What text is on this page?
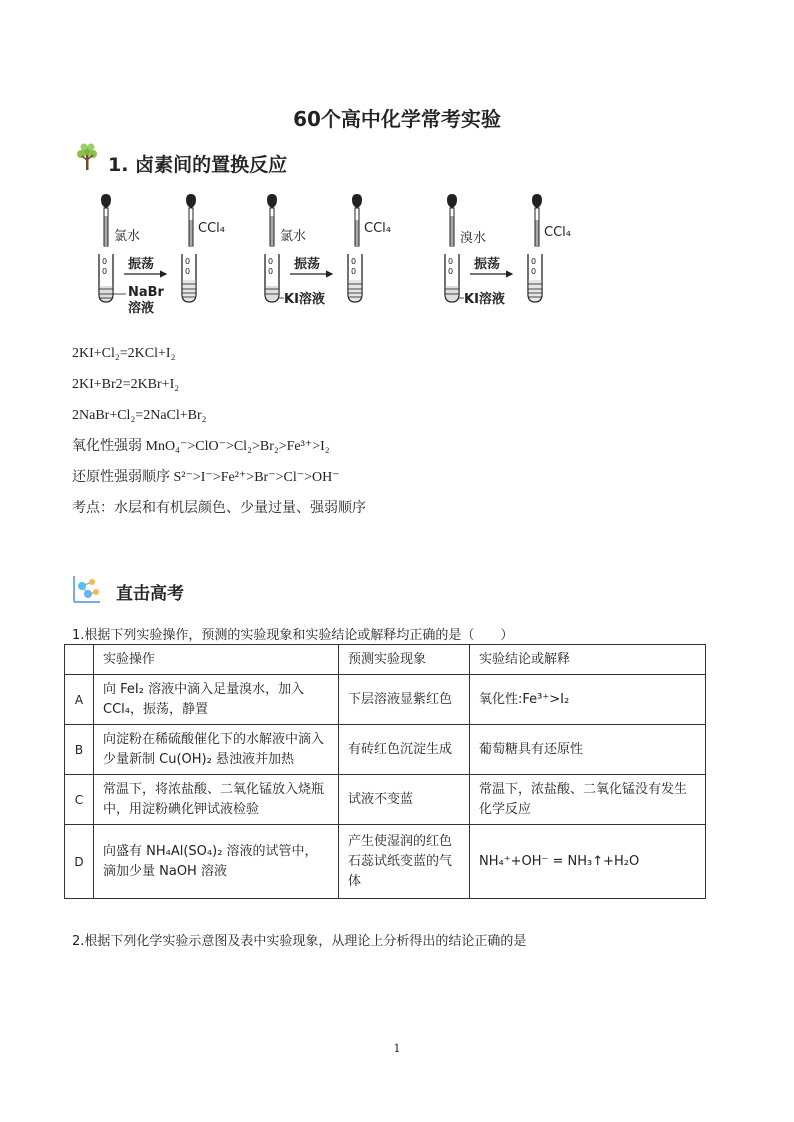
60个高中化学常考实验
1. 卤素间的置换反应
氯水
0
0 振荡
NaBr
溶液
CCl₄
0
0
氯水
0
0 振荡
KI溶液
CCl₄
0
0
溴水
0
0 振荡
KI溶液
CCl₄
0
0
2KI+Cl₂=2KCl+I₂
2KI+Br2=2KBr+I₂
2NaBr+Cl₂=2NaCl+Br₂
氧化性强弱 MnO₄⁻>ClO⁻>Cl₂>Br₂>Fe³⁺>I₂
还原性强弱顺序 S²⁻>I⁻>Fe²⁺>Br⁻>Cl⁻>OH⁻
考点：水层和有机层颜色、少量过量、强弱顺序
直击高考
1.根据下列实验操作，预测的实验现象和实验结论或解释均正确的是（　　）
	实验操作	预测实验现象	实验结论或解释
A	向 FeI₂ 溶液中滴入足量溴水，加入CCl₄，振荡，静置	下层溶液显紫红色	氧化性:Fe³⁺>I₂
B	向淀粉在稀硫酸催化下的水解液中滴入少量新制 Cu(OH)₂ 悬浊液并加热	有砖红色沉淀生成	葡萄糖具有还原性
C	常温下，将浓盐酸、二氧化锰放入烧瓶中，用淀粉碘化钾试液检验	试液不变蓝	常温下，浓盐酸、二氧化锰没有发生化学反应
D	向盛有 NH₄Al(SO₄)₂ 溶液的试管中，滴加少量 NaOH 溶液	产生使湿润的红色石蕊试纸变蓝的气体	NH₄⁺+OH⁻ = NH₃↑+H₂O
2.根据下列化学实验示意图及表中实验现象，从理论上分析得出的结论正确的是
1
